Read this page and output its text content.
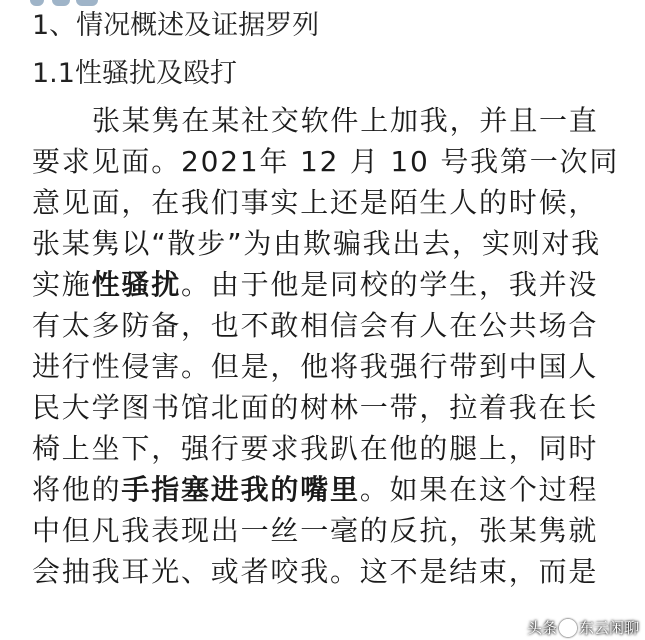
1、情况概述及证据罗列
1.1性骚扰及殴打
张某隽在某社交软件上加我，并且一直
要求见面。2021年 12 月 10 号我第一次同
意见面，在我们事实上还是陌生人的时候，
张某隽以“散步”为由欺骗我出去，实则对我
实施性骚扰。由于他是同校的学生，我并没
有太多防备，也不敢相信会有人在公共场合
进行性侵害。但是，他将我强行带到中国人
民大学图书馆北面的树林一带，拉着我在长
椅上坐下，强行要求我趴在他的腿上，同时
将他的手指塞进我的嘴里。如果在这个过程
中但凡我表现出一丝一毫的反抗，张某隽就
会抽我耳光、或者咬我。这不是结束，而是
头条 东云闲聊
